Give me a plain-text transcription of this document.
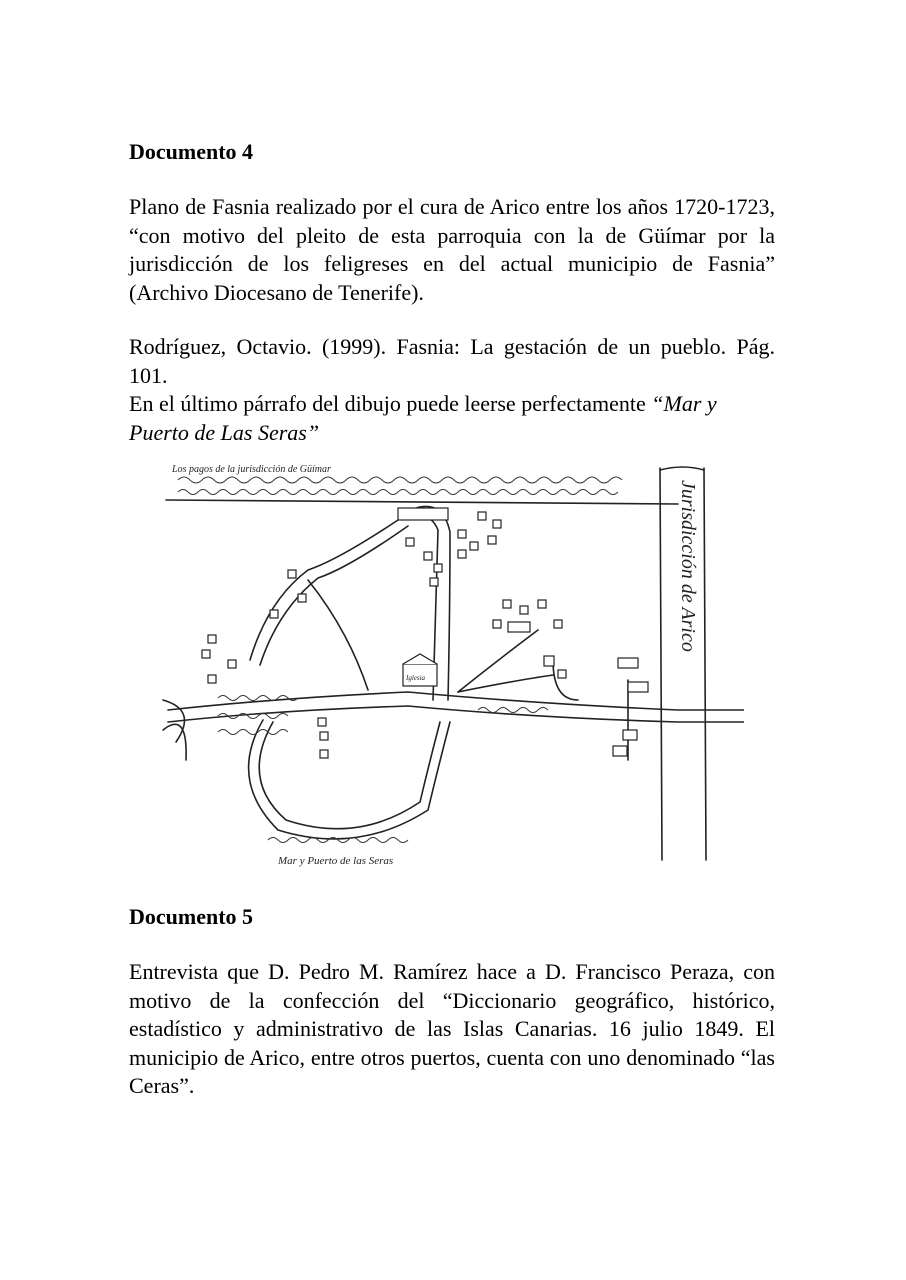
Documento 4
Plano de Fasnia realizado por el cura de Arico entre los años 1720-1723, “con motivo del pleito de esta parroquia con la de Güímar por la jurisdicción de los feligreses en del actual municipio de Fasnia” (Archivo Diocesano de Tenerife).
Rodríguez, Octavio. (1999). Fasnia: La gestación de un pueblo. Pág. 101.
En el último párrafo del dibujo puede leerse perfectamente “Mar y Puerto de Las Seras”
Jurisdicción de Arico
Mar y Puerto de las Seras
Los pagos de la jurisdicción de Güímar
Iglesia
Documento 5
Entrevista que D. Pedro M. Ramírez hace a D. Francisco Peraza, con motivo de la confección del “Diccionario geográfico, histórico, estadístico y administrativo de las Islas Canarias. 16 julio 1849. El municipio de Arico, entre otros puertos, cuenta con uno denominado “las Ceras”.
